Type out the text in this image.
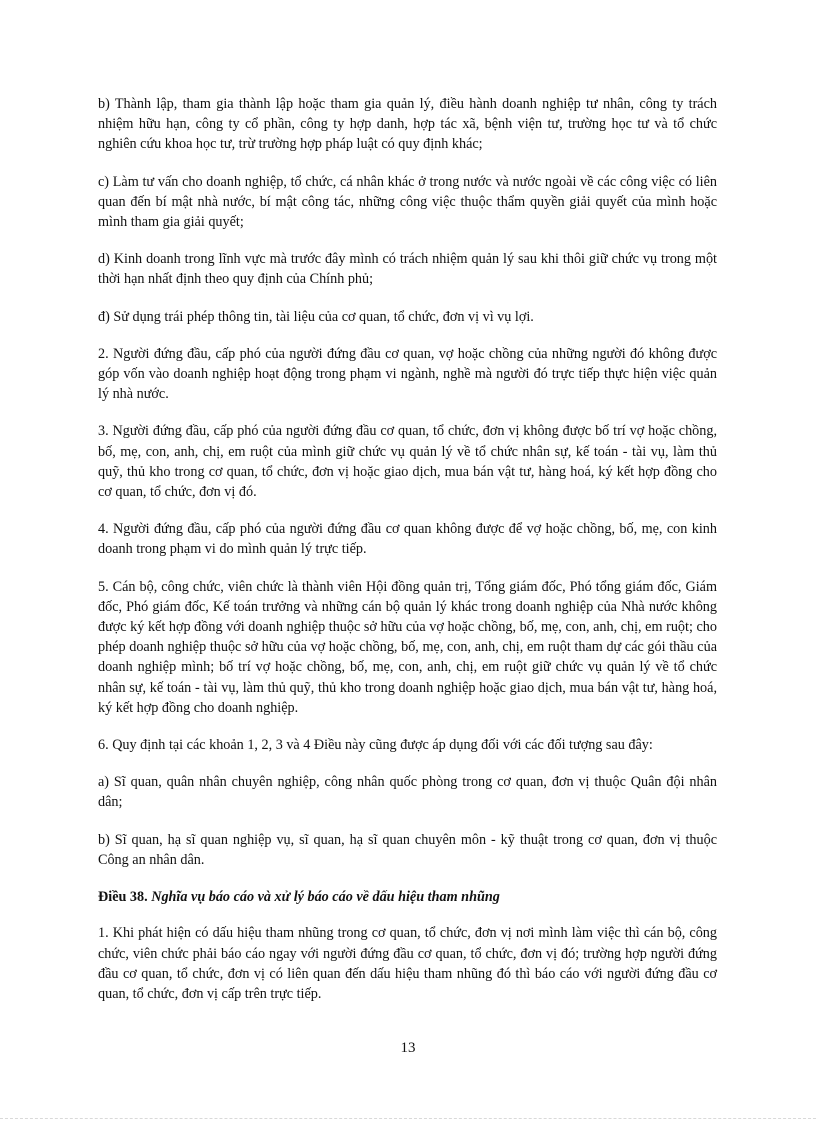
b) Thành lập, tham gia thành lập hoặc tham gia quản lý, điều hành doanh nghiệp tư nhân, công ty trách nhiệm hữu hạn, công ty cổ phần, công ty hợp danh, hợp tác xã, bệnh viện tư, trường học tư và tổ chức nghiên cứu khoa học tư, trừ trường hợp pháp luật có quy định khác;

c) Làm tư vấn cho doanh nghiệp, tổ chức, cá nhân khác ở trong nước và nước ngoài về các công việc có liên quan đến bí mật nhà nước, bí mật công tác, những công việc thuộc thẩm quyền giải quyết của mình hoặc mình tham gia giải quyết;

d) Kinh doanh trong lĩnh vực mà trước đây mình có trách nhiệm quản lý sau khi thôi giữ chức vụ trong một thời hạn nhất định theo quy định của Chính phủ;

đ) Sử dụng trái phép thông tin, tài liệu của cơ quan, tổ chức, đơn vị vì vụ lợi.

2. Người đứng đầu, cấp phó của người đứng đầu cơ quan, vợ hoặc chồng của những người đó không được góp vốn vào doanh nghiệp hoạt động trong phạm vi ngành, nghề mà người đó trực tiếp thực hiện việc quản lý nhà nước.

3. Người đứng đầu, cấp phó của người đứng đầu cơ quan, tổ chức, đơn vị không được bố trí vợ hoặc chồng, bố, mẹ, con, anh, chị, em ruột của mình giữ chức vụ quản lý về tổ chức nhân sự, kế toán - tài vụ, làm thủ quỹ, thủ kho trong cơ quan, tổ chức, đơn vị hoặc giao dịch, mua bán vật tư, hàng hoá, ký kết hợp đồng cho cơ quan, tổ chức, đơn vị đó.

4. Người đứng đầu, cấp phó của người đứng đầu cơ quan không được để vợ hoặc chồng, bố, mẹ, con kinh doanh trong phạm vi do mình quản lý trực tiếp.

5. Cán bộ, công chức, viên chức là thành viên Hội đồng quản trị, Tổng giám đốc, Phó tổng giám đốc, Giám đốc, Phó giám đốc, Kế toán trưởng và những cán bộ quản lý khác trong doanh nghiệp của Nhà nước không được ký kết hợp đồng với doanh nghiệp thuộc sở hữu của vợ hoặc chồng, bố, mẹ, con, anh, chị, em ruột; cho phép doanh nghiệp thuộc sở hữu của vợ hoặc chồng, bố, mẹ, con, anh, chị, em ruột tham dự các gói thầu của doanh nghiệp mình; bố trí vợ hoặc chồng, bố, mẹ, con, anh, chị, em ruột giữ chức vụ quản lý về tổ chức nhân sự, kế toán - tài vụ, làm thủ quỹ, thủ kho trong doanh nghiệp hoặc giao dịch, mua bán vật tư, hàng hoá, ký kết hợp đồng cho doanh nghiệp.

6. Quy định tại các khoản 1, 2, 3 và 4 Điều này cũng được áp dụng đối với các đối tượng sau đây:

a) Sĩ quan, quân nhân chuyên nghiệp, công nhân quốc phòng trong cơ quan, đơn vị thuộc Quân đội nhân dân;

b) Sĩ quan, hạ sĩ quan nghiệp vụ, sĩ quan, hạ sĩ quan chuyên môn - kỹ thuật trong cơ quan, đơn vị thuộc Công an nhân dân.

Điều 38. Nghĩa vụ báo cáo và xử lý báo cáo về dấu hiệu tham nhũng

1. Khi phát hiện có dấu hiệu tham nhũng trong cơ quan, tổ chức, đơn vị nơi mình làm việc thì cán bộ, công chức, viên chức phải báo cáo ngay với người đứng đầu cơ quan, tổ chức, đơn vị đó; trường hợp người đứng đầu cơ quan, tổ chức, đơn vị có liên quan đến dấu hiệu tham nhũng đó thì báo cáo với người đứng đầu cơ quan, tổ chức, đơn vị cấp trên trực tiếp.

13
